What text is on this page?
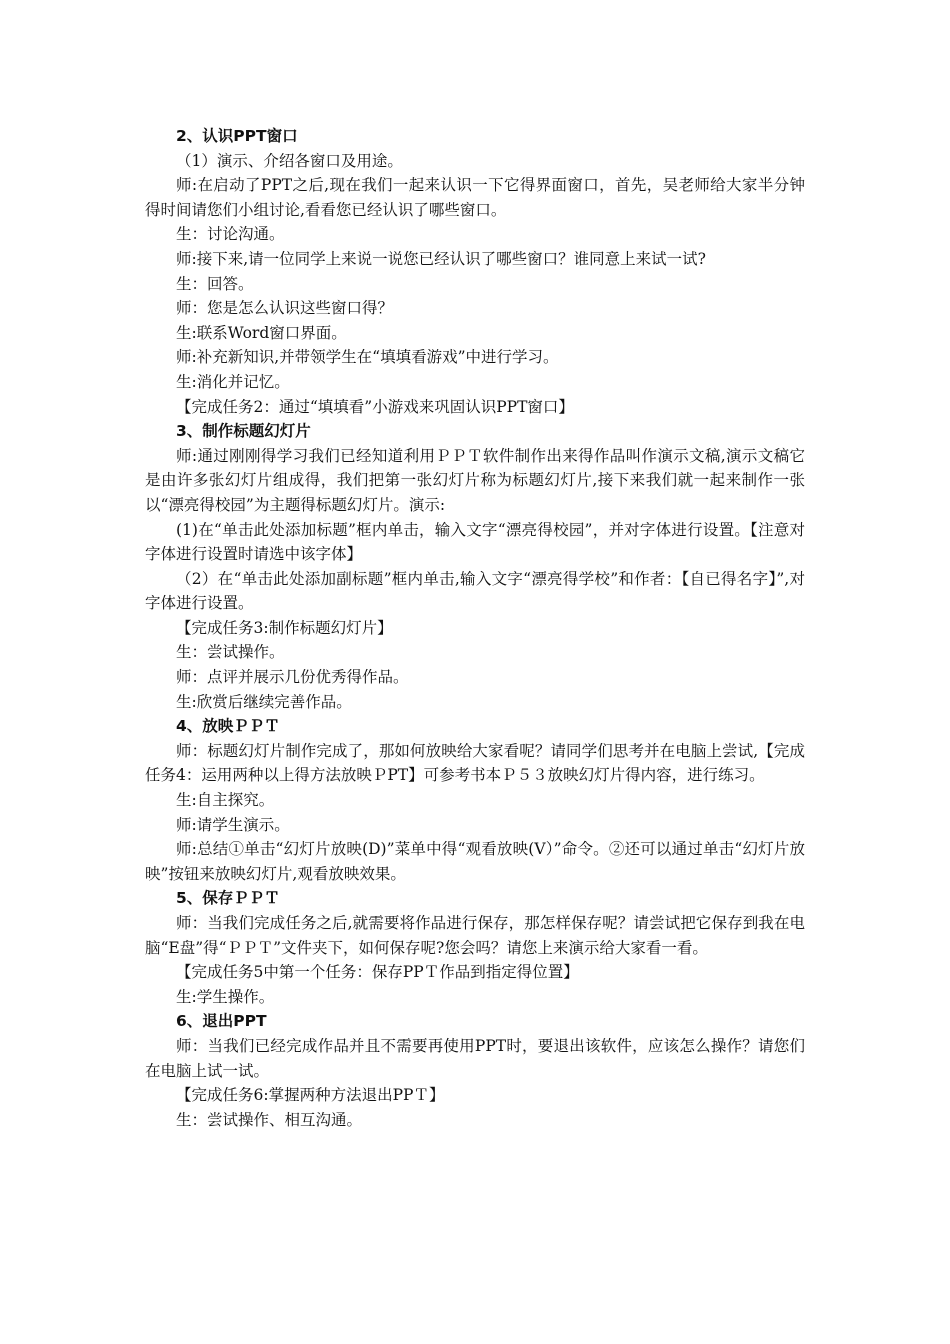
2、认识PPT窗口

（1）演示、介绍各窗口及用途。

师:在启动了PPT之后,现在我们一起来认识一下它得界面窗口，首先，吴老师给大家半分钟得时间请您们小组讨论,看看您已经认识了哪些窗口。

生：讨论沟通。

师:接下来,请一位同学上来说一说您已经认识了哪些窗口？谁同意上来试一试?

生：回答。

师：您是怎么认识这些窗口得？

生:联系Word窗口界面。

师:补充新知识,并带领学生在“填填看游戏”中进行学习。

生:消化并记忆。

【完成任务2：通过“填填看”小游戏来巩固认识PPT窗口】

3、制作标题幻灯片

师:通过刚刚得学习我们已经知道利用ＰＰＴ软件制作出来得作品叫作演示文稿,演示文稿它是由许多张幻灯片组成得，我们把第一张幻灯片称为标题幻灯片,接下来我们就一起来制作一张以“漂亮得校园”为主题得标题幻灯片。演示:

(1)在“单击此处添加标题”框内单击，输入文字“漂亮得校园”，并对字体进行设置。【注意对字体进行设置时请选中该字体】

（2）在“单击此处添加副标题”框内单击,输入文字“漂亮得学校”和作者：【自已得名字】”,对字体进行设置。

【完成任务3:制作标题幻灯片】

生：尝试操作。

师：点评并展示几份优秀得作品。

生:欣赏后继续完善作品。

4、放映ＰＰＴ

师：标题幻灯片制作完成了，那如何放映给大家看呢？请同学们思考并在电脑上尝试,【完成任务4：运用两种以上得方法放映ＰPT】可参考书本Ｐ５３放映幻灯片得内容，进行练习。

生:自主探究。

师:请学生演示。

师:总结①单击“幻灯片放映(D)”菜单中得“观看放映(V）”命令。②还可以通过单击“幻灯片放映”按钮来放映幻灯片,观看放映效果。

5、保存ＰＰＴ

师：当我们完成任务之后,就需要将作品进行保存，那怎样保存呢？请尝试把它保存到我在电脑“E盘”得“ＰＰＴ”文件夹下，如何保存呢?您会吗？请您上来演示给大家看一看。

【完成任务5中第一个任务：保存PPＴ作品到指定得位置】

生:学生操作。

6、退出PPT

师：当我们已经完成作品并且不需要再使用PPT时，要退出该软件，应该怎么操作？请您们在电脑上试一试。

【完成任务6:掌握两种方法退出PPＴ】

生：尝试操作、相互沟通。
